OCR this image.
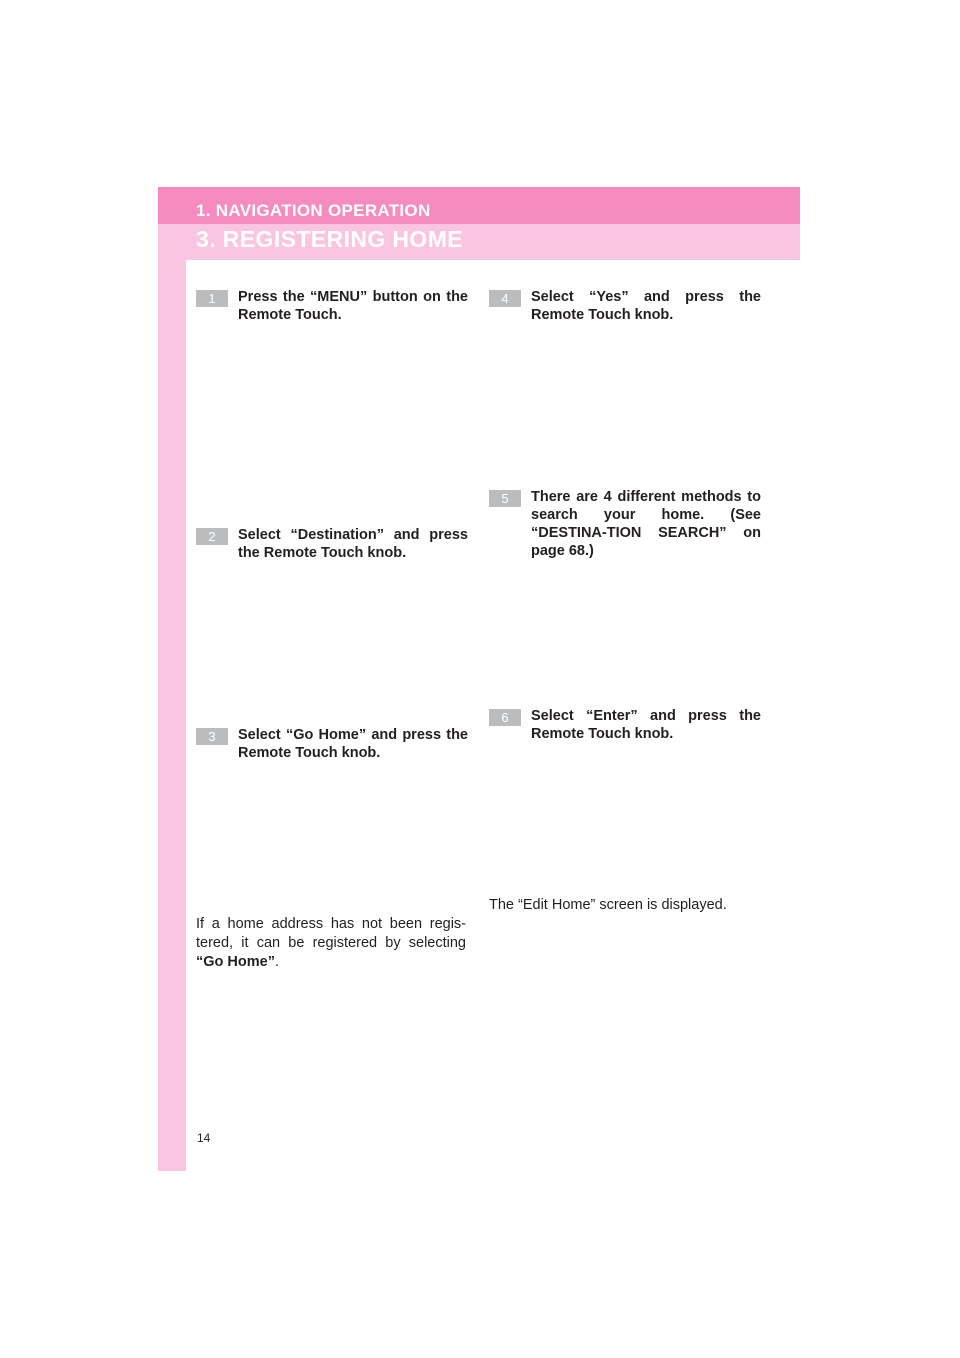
1. NAVIGATION OPERATION
3. REGISTERING HOME
1	Press the “MENU” button on the Remote Touch.
2	Select “Destination” and press the Remote Touch knob.
3	Select “Go Home” and press the Remote Touch knob.
4	Select “Yes” and press the Remote Touch knob.
5	There are 4 different methods to search your home. (See “DESTINA-TION SEARCH” on page 68.)
6	Select “Enter” and press the Remote Touch knob.
If a home address has not been regis-tered, it can be registered by selecting “Go Home”.
The “Edit Home” screen is displayed.
14
